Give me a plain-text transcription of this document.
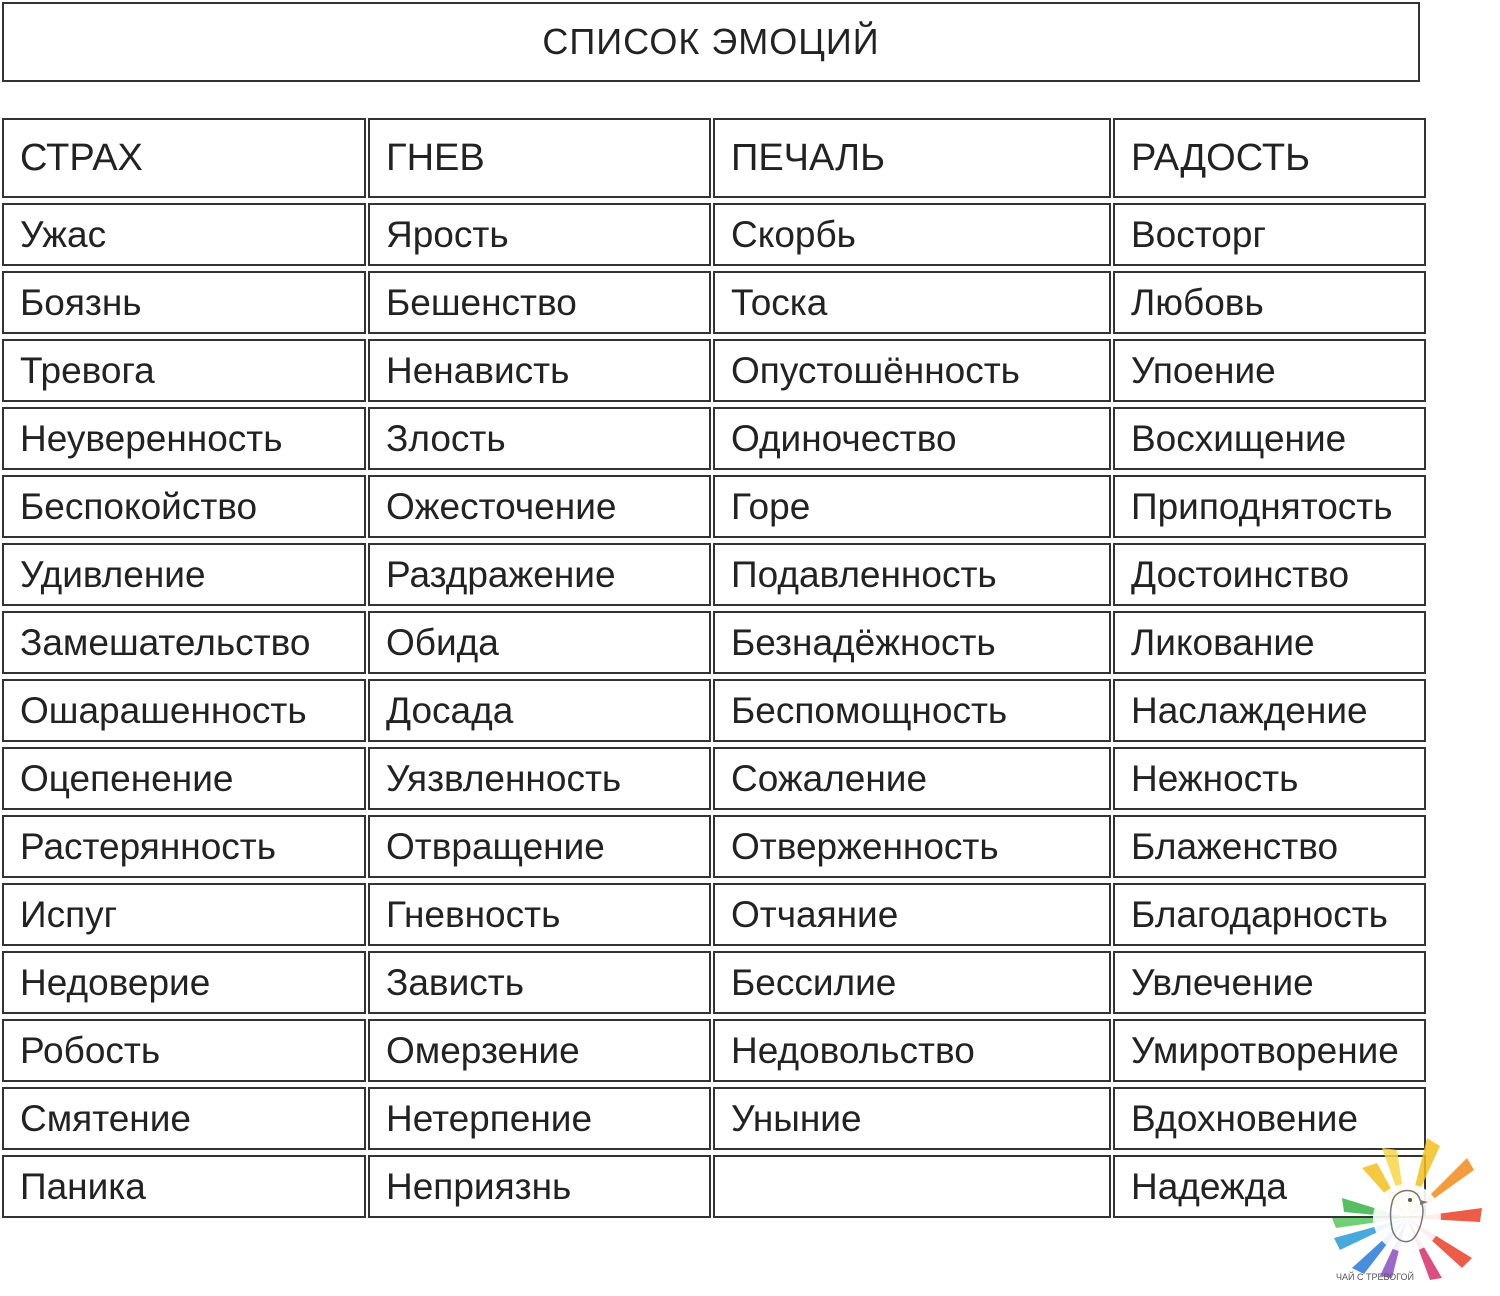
СПИСОК ЭМОЦИЙ
СТРАХ	ГНЕВ	ПЕЧАЛЬ	РАДОСТЬ
Ужас	Ярость	Скорбь	Восторг
Боязнь	Бешенство	Тоска	Любовь
Тревога	Ненависть	Опустошённость	Упоение
Неуверенность	Злость	Одиночество	Восхищение
Беспокойство	Ожесточение	Горе	Приподнятость
Удивление	Раздражение	Подавленность	Достоинство
Замешательство	Обида	Безнадёжность	Ликование
Ошарашенность	Досада	Беспомощность	Наслаждение
Оцепенение	Уязвленность	Сожаление	Нежность
Растерянность	Отвращение	Отверженность	Блаженство
Испуг	Гневность	Отчаяние	Благодарность
Недоверие	Зависть	Бессилие	Увлечение
Робость	Омерзение	Недовольство	Умиротворение
Смятение	Нетерпение	Уныние	Вдохновение
Паника	Неприязнь		Надежда
ЧАЙ С ТРЕВОГОЙ
